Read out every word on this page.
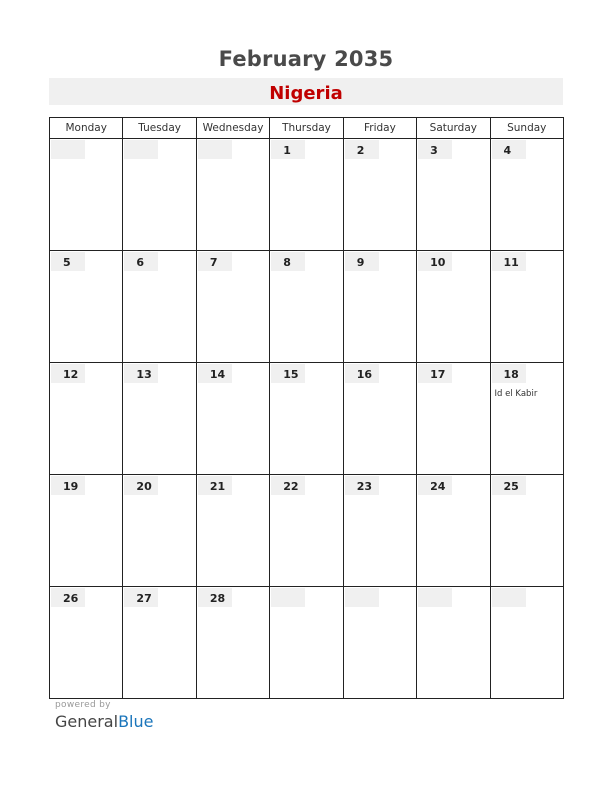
February 2035
Nigeria
Monday	Tuesday	Wednesday	Thursday	Friday	Saturday	Sunday

			1	2	3	4

5	6	7	8	9	10	11

12	13	14	15	16	17	18
Id el Kabir

19	20	21	22	23	24	25

26	27	28				

powered by
GeneralBlue
